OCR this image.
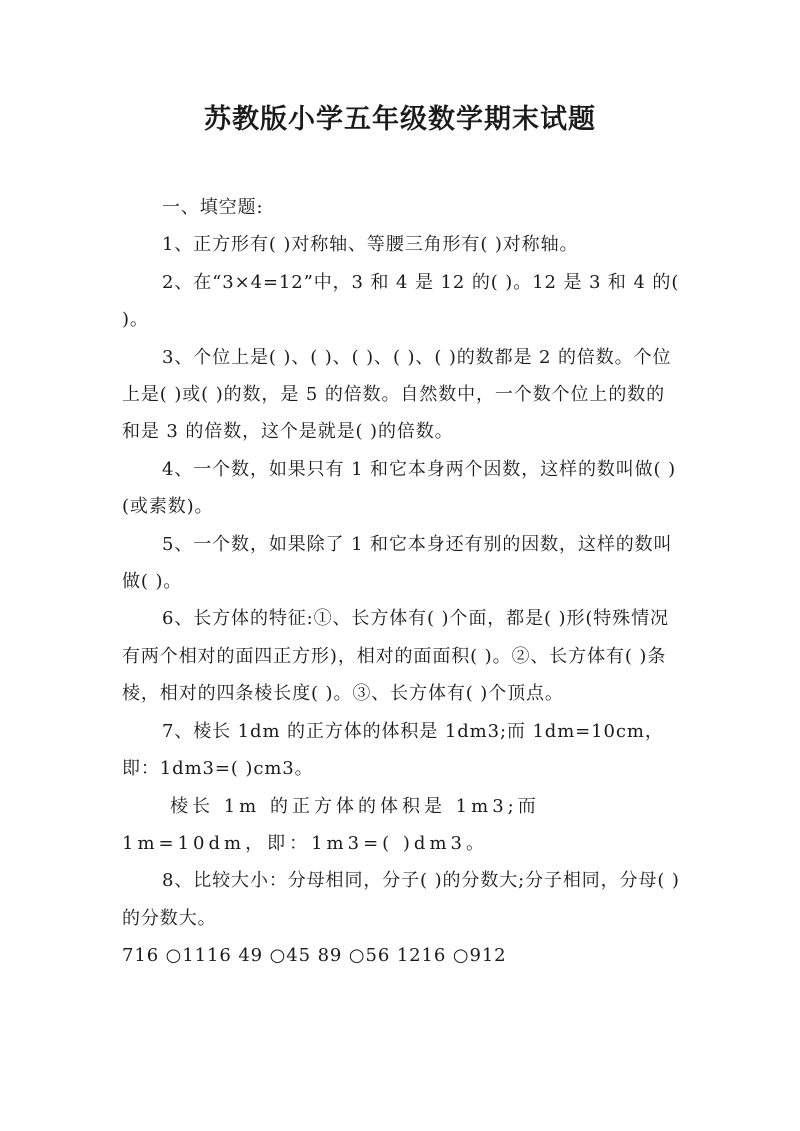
苏教版小学五年级数学期末试题

一、填空题:

1、正方形有( )对称轴、等腰三角形有( )对称轴。

2、在“3×4=12”中，3 和 4 是 12 的( )。12 是 3 和 4 的( )。

3、个位上是( )、( )、( )、( )、( )的数都是 2 的倍数。个位上是( )或( )的数，是 5 的倍数。自然数中，一个数个位上的数的和是 3 的倍数，这个是就是( )的倍数。

4、一个数，如果只有 1 和它本身两个因数，这样的数叫做( )(或素数)。

5、一个数，如果除了 1 和它本身还有别的因数，这样的数叫做( )。

6、长方体的特征:①、长方体有( )个面，都是( )形(特殊情况有两个相对的面四正方形)，相对的面面积( )。②、长方体有( )条棱，相对的四条棱长度( )。③、长方体有( )个顶点。

7、棱长 1dm 的正方体的体积是 1dm3;而 1dm=10cm，即：1dm3=( )cm3。

棱长 1m 的正方体的体积是 1m3;而 1m=10dm，即：1m3=( )dm3。

8、比较大小：分母相同，分子( )的分数大;分子相同，分母( )的分数大。

716 ○1116 49 ○45 89 ○56 1216 ○912
